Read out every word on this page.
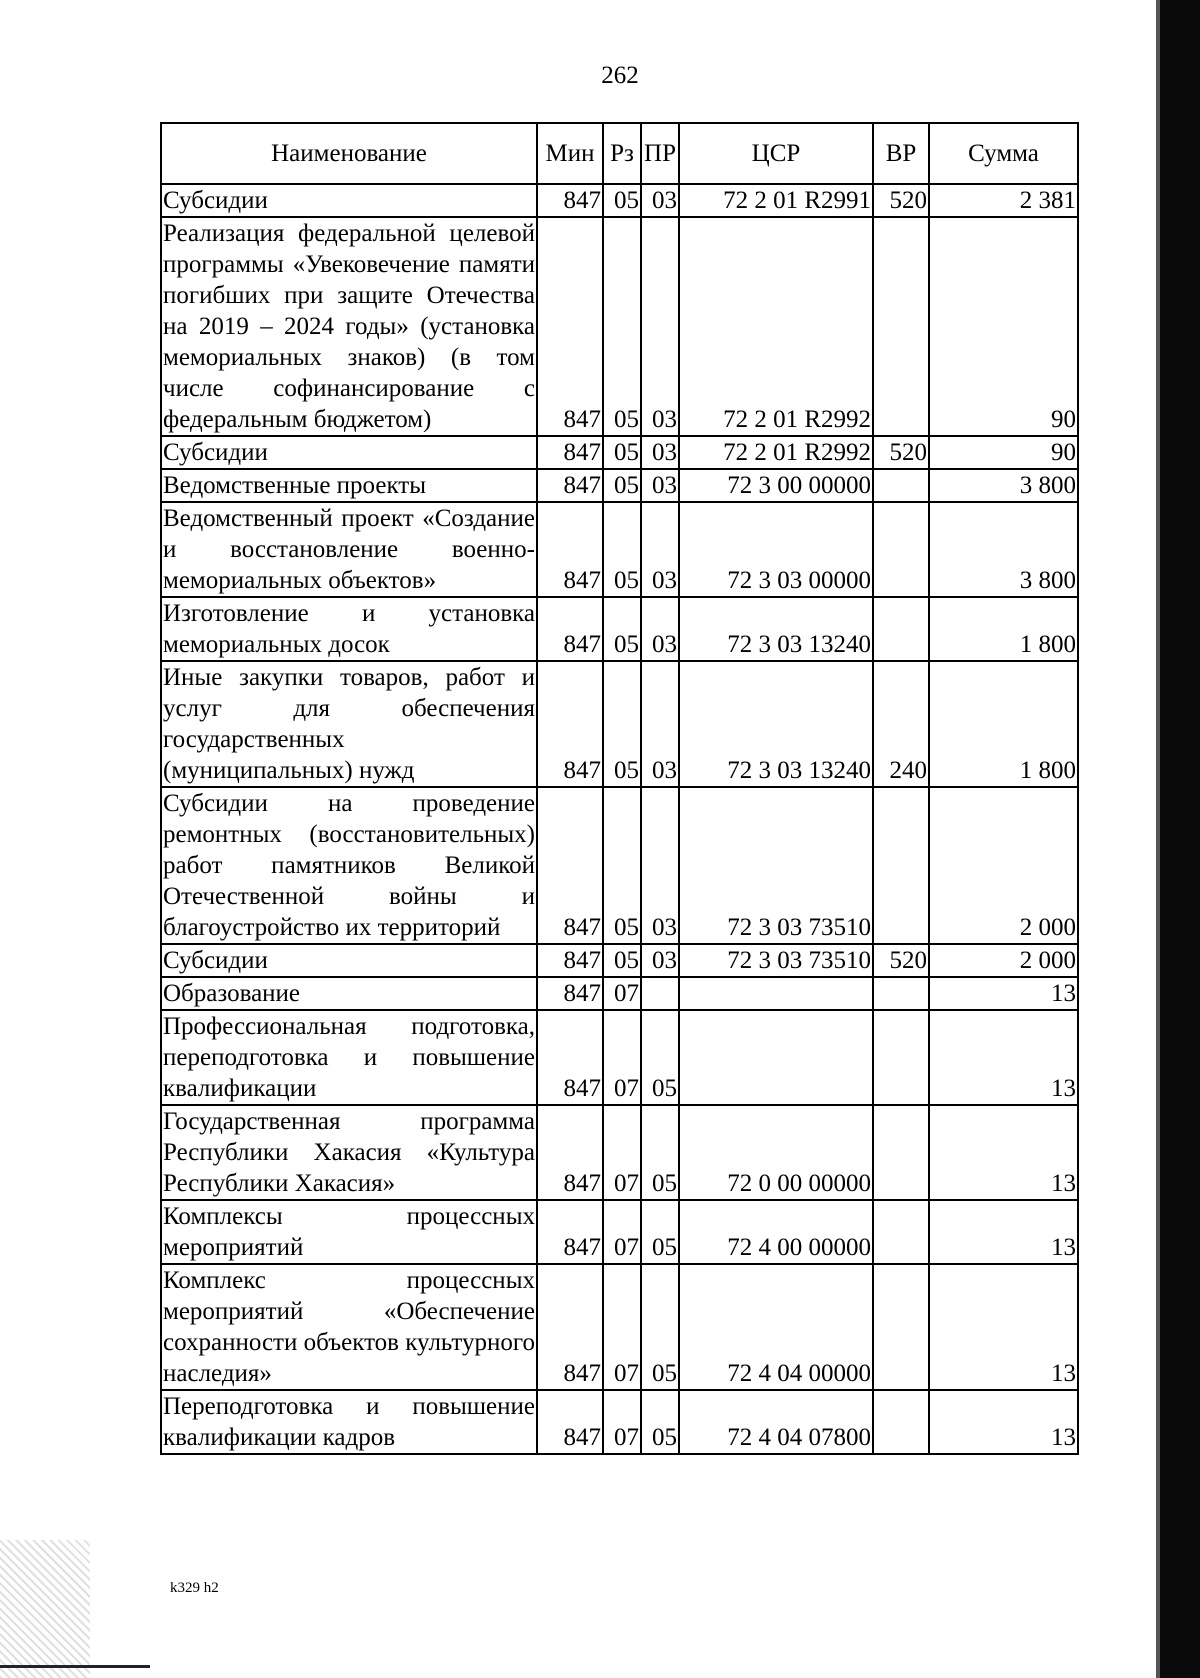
262
Наименование	Мин	Рз	ПР	ЦСР	ВР	Сумма
Субсидии	847	05	03	72 2 01 R2991	520	2 381
Реализация федеральной целевой программы «Увековечение памяти погибших при защите Отечества на 2019 – 2024 годы» (установка мемориальных знаков) (в том числе софинансирование с федеральным бюджетом)	847	05	03	72 2 01 R2992		90
Субсидии	847	05	03	72 2 01 R2992	520	90
Ведомственные проекты	847	05	03	72 3 00 00000		3 800
Ведомственный проект «Создание и восстановление военно-мемориальных объектов»	847	05	03	72 3 03 00000		3 800
Изготовление и установка мемориальных досок	847	05	03	72 3 03 13240		1 800
Иные закупки товаров, работ и услуг для обеспечения государственных (муниципальных) нужд	847	05	03	72 3 03 13240	240	1 800
Субсидии на проведение ремонтных (восстановительных) работ памятников Великой Отечественной войны и благоустройство их территорий	847	05	03	72 3 03 73510		2 000
Субсидии	847	05	03	72 3 03 73510	520	2 000
Образование	847	07				13
Профессиональная подготовка, переподготовка и повышение квалификации	847	07	05			13
Государственная программа Республики Хакасия «Культура Республики Хакасия»	847	07	05	72 0 00 00000		13
Комплексы процессных мероприятий	847	07	05	72 4 00 00000		13
Комплекс процессных мероприятий «Обеспечение сохранности объектов культурного наследия»	847	07	05	72 4 04 00000		13
Переподготовка и повышение квалификации кадров	847	07	05	72 4 04 07800		13
k329 h2
